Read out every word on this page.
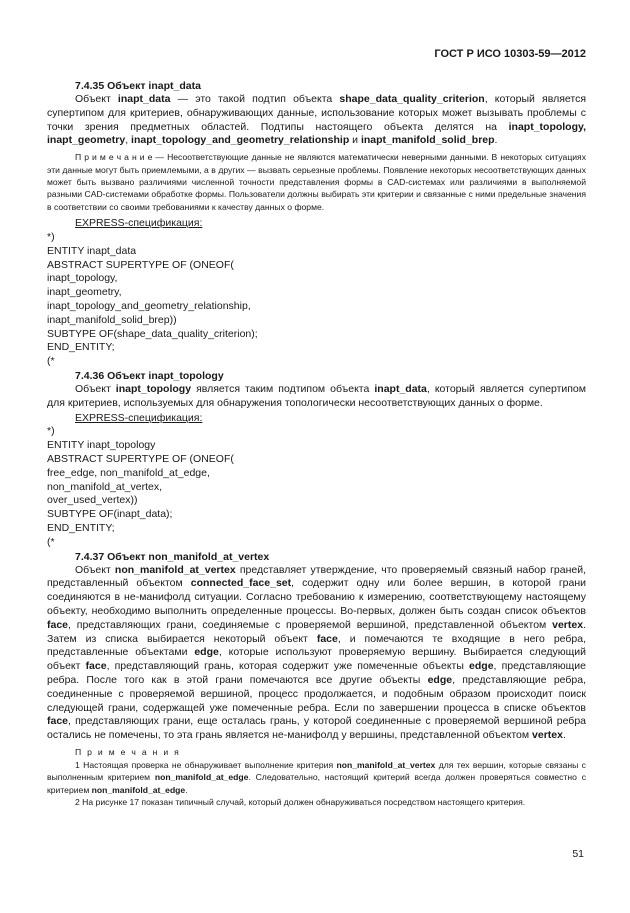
ГОСТ Р ИСО 10303-59—2012

7.4.35 Объект inapt_data

Объект inapt_data — это такой подтип объекта shape_data_quality_criterion, который является супертипом для критериев, обнаруживающих данные, использование которых может вызывать проблемы с точки зрения предметных областей. Подтипы настоящего объекта делятся на inapt_topology, inapt_geometry, inapt_topology_and_geometry_relationship и inapt_manifold_solid_brep.

П р и м е ч а н и е — Несоответствующие данные не являются математически неверными данными. В некоторых ситуациях эти данные могут быть приемлемыми, а в других — вызвать серьезные проблемы. Появление некоторых несоответствующих данных может быть вызвано различиями численной точности представления формы в CAD-системах или различиями в выполняемой разными CAD-системами обработке формы. Пользователи должны выбирать эти критерии и связанные с ними предельные значения в соответствии со своими требованиями к качеству данных о форме.

EXPRESS-спецификация:

*)
ENTITY inapt_data
ABSTRACT SUPERTYPE OF (ONEOF(
inapt_topology,
inapt_geometry,
inapt_topology_and_geometry_relationship,
inapt_manifold_solid_brep))
SUBTYPE OF(shape_data_quality_criterion);
END_ENTITY;
(*

7.4.36 Объект inapt_topology

Объект inapt_topology является таким подтипом объекта inapt_data, который является супертипом для критериев, используемых для обнаружения топологически несоответствующих данных о форме.

EXPRESS-спецификация:

*)
ENTITY inapt_topology
ABSTRACT SUPERTYPE OF (ONEOF(
free_edge, non_manifold_at_edge,
non_manifold_at_vertex,
over_used_vertex))
SUBTYPE OF(inapt_data);
END_ENTITY;
(*

7.4.37 Объект non_manifold_at_vertex

Объект non_manifold_at_vertex представляет утверждение, что проверяемый связный набор граней, представленный объектом connected_face_set, содержит одну или более вершин, в которой грани соединяются в не-манифолд ситуации. Согласно требованию к измерению, соответствующему настоящему объекту, необходимо выполнить определенные процессы. Во-первых, должен быть создан список объектов face, представляющих грани, соединяемые с проверяемой вершиной, представленной объектом vertex. Затем из списка выбирается некоторый объект face, и помечаются те входящие в него ребра, представленные объектами edge, которые используют проверяемую вершину. Выбирается следующий объект face, представляющий грань, которая содержит уже помеченные объекты edge, представляющие ребра. После того как в этой грани помечаются все другие объекты edge, представляющие ребра, соединенные с проверяемой вершиной, процесс продолжается, и подобным образом происходит поиск следующей грани, содержащей уже помеченные ребра. Если по завершении процесса в списке объектов face, представляющих грани, еще осталась грань, у которой соединенные с проверяемой вершиной ребра остались не помечены, то эта грань является не-манифолд у вершины, представленной объектом vertex.

П р и м е ч а н и я

1 Настоящая проверка не обнаруживает выполнение критерия non_manifold_at_vertex для тех вершин, которые связаны с выполненным критерием non_manifold_at_edge. Следовательно, настоящий критерий всегда должен проверяться совместно с критерием non_manifold_at_edge.

2 На рисунке 17 показан типичный случай, который должен обнаруживаться посредством настоящего критерия.

51
